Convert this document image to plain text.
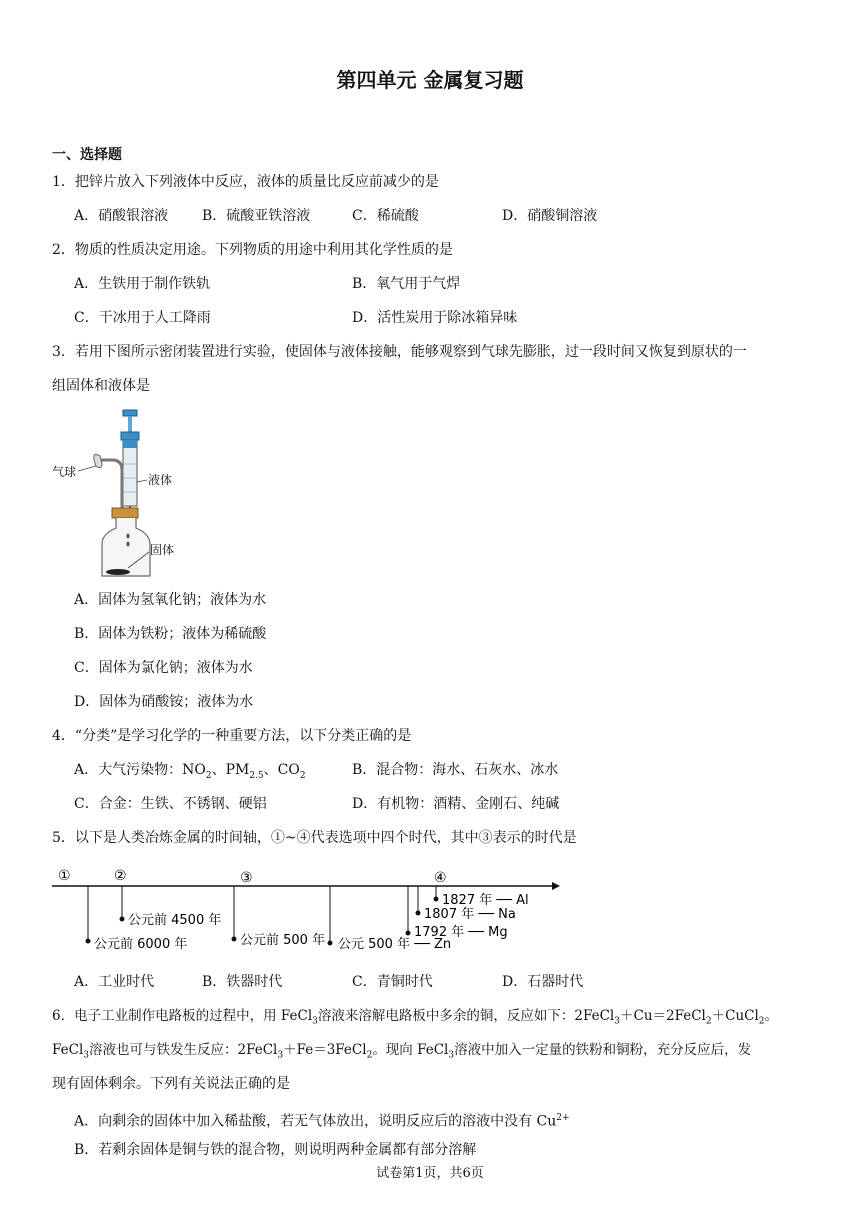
第四单元 金属复习题
一、选择题
1．把锌片放入下列液体中反应，液体的质量比反应前减少的是
A．硝酸银溶液 B．硫酸亚铁溶液	C．稀硫酸	D．硝酸铜溶液
2．物质的性质决定用途。下列物质的用途中利用其化学性质的是
A．生铁用于制作铁轨	B．氧气用于气焊
C．干冰用于人工降雨	D．活性炭用于除冰箱异味
3．若用下图所示密闭装置进行实验，使固体与液体接触，能够观察到气球先膨胀，过一段时间又恢复到原状的一
组固体和液体是
气球
液体
固体
A．固体为氢氧化钠；液体为水
B．固体为铁粉；液体为稀硫酸
C．固体为氯化钠；液体为水
D．固体为硝酸铵；液体为水
4．“分类”是学习化学的一种重要方法，以下分类正确的是
A．大气污染物：$NO_2$、$PM_{2.5}$、$CO_2$	B．混合物：海水、石灰水、冰水
C．合金：生铁、不锈钢、硬铝	D．有机物：酒精、金刚石、纯碱
5．以下是人类冶炼金属的时间轴，①~④代表选项中四个时代，其中③表示的时代是
①	②	③	④
公元前 6000 年
公元前 4500 年
公元前 500 年 公元 500 年 ── Zn
1792 年 ── Mg
1807 年 ── Na
1827 年 ── Al
A．工业时代	B．铁器时代	C．青铜时代	D．石器时代
6．电子工业制作电路板的过程中，用 FeCl$_3$溶液来溶解电路板中多余的铜，反应如下：2FeCl$_3$＋Cu＝2FeCl$_2$＋CuCl$_2$。
FeCl$_3$溶液也可与铁发生反应：2FeCl$_3$＋Fe＝3FeCl$_2$。现向 FeCl$_3$溶液中加入一定量的铁粉和铜粉，充分反应后，发
现有固体剩余。下列有关说法正确的是
A．向剩余的固体中加入稀盐酸，若无气体放出，说明反应后的溶液中没有 $Cu^{2+}$
B．若剩余固体是铜与铁的混合物，则说明两种金属都有部分溶解
试卷第1页，共6页
